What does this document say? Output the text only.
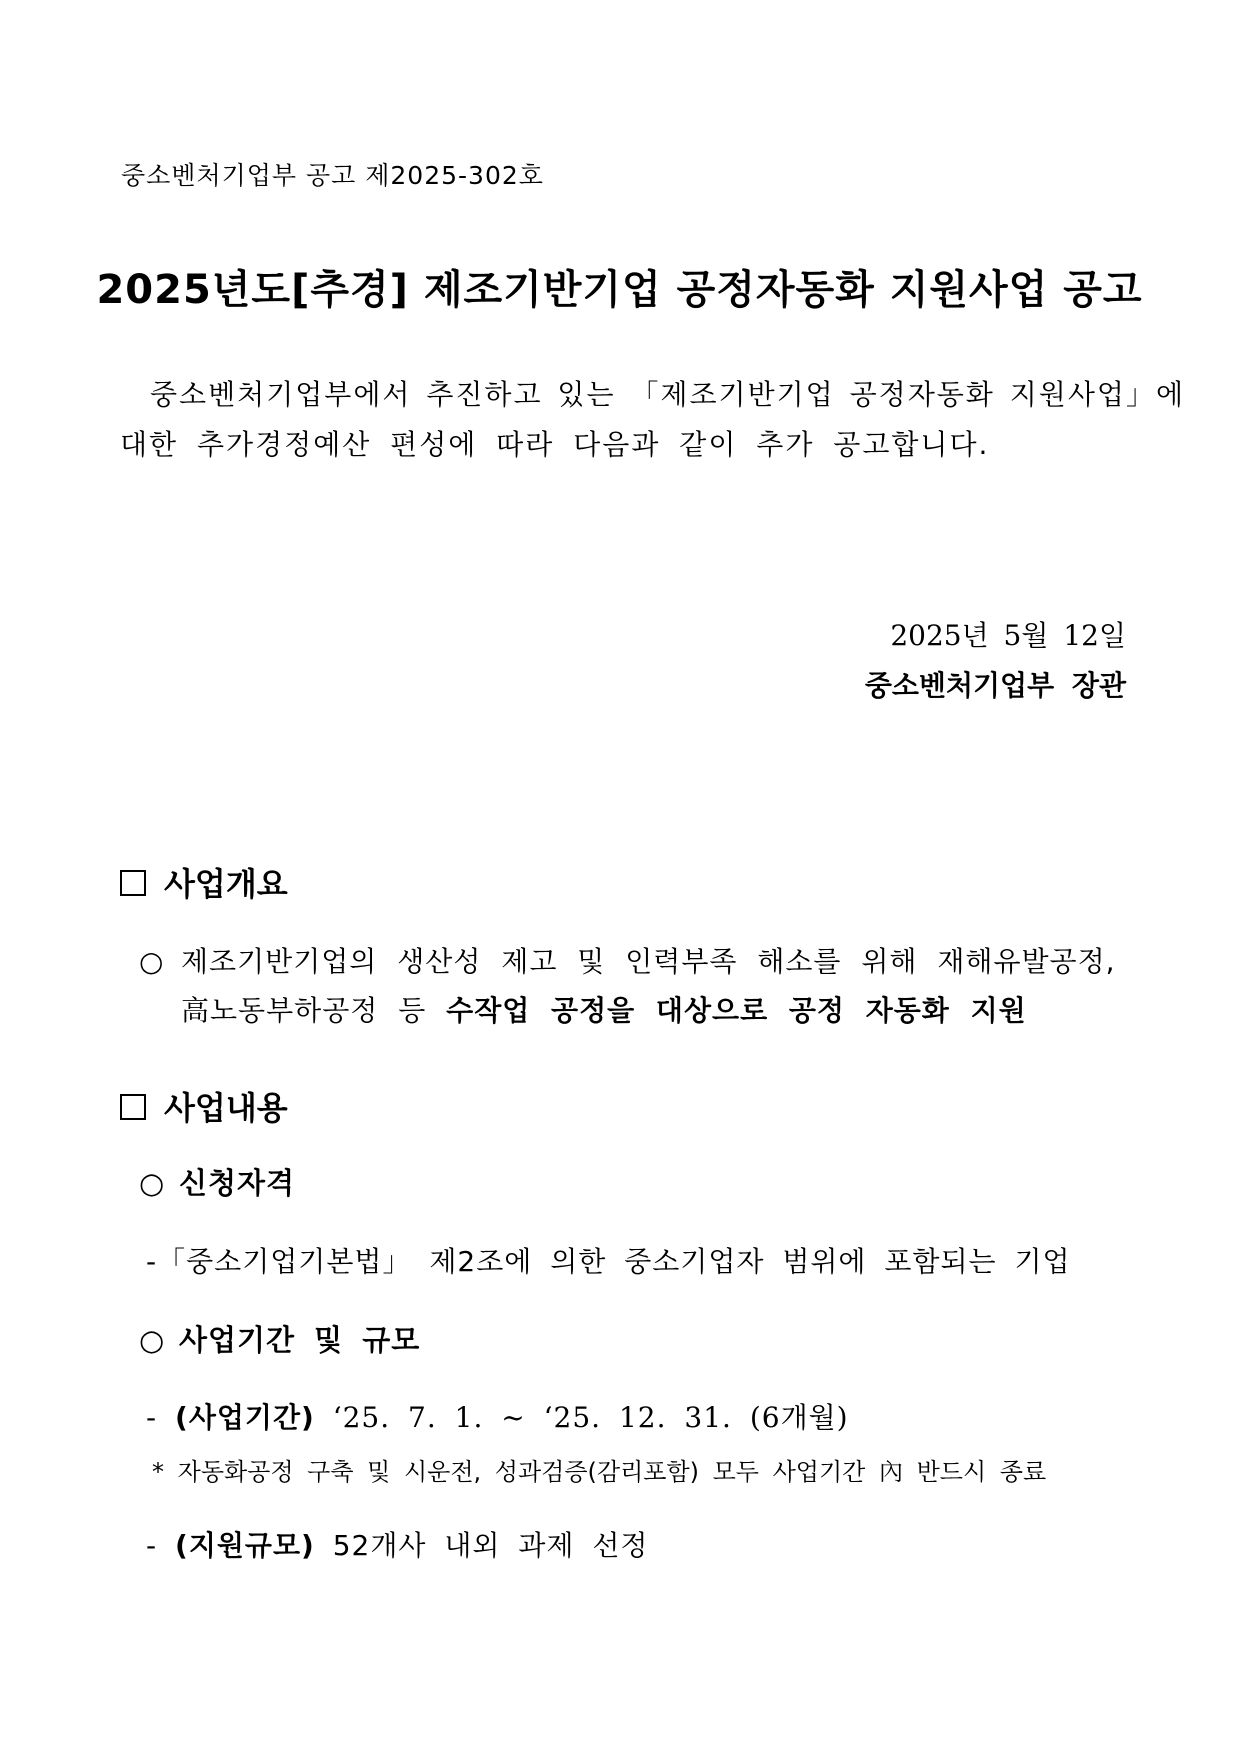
중소벤처기업부 공고 제2025-302호
2025년도[추경] 제조기반기업 공정자동화 지원사업 공고
중소벤처기업부에서 추진하고 있는 「제조기반기업 공정자동화 지원사업」에
대한 추가경정예산 편성에 따라 다음과 같이 추가 공고합니다.
2025년 5월 12일
중소벤처기업부 장관
사업개요
○ 제조기반기업의 생산성 제고 및 인력부족 해소를 위해 재해유발공정,
高노동부하공정 등 수작업 공정을 대상으로 공정 자동화 지원
사업내용
○ 신청자격
-「중소기업기본법」 제2조에 의한 중소기업자 범위에 포함되는 기업
○ 사업기간 및 규모
- (사업기간) ‘25. 7. 1. ~ ‘25. 12. 31. (6개월)
* 자동화공정 구축 및 시운전, 성과검증(감리포함) 모두 사업기간 內 반드시 종료
- (지원규모) 52개사 내외 과제 선정
